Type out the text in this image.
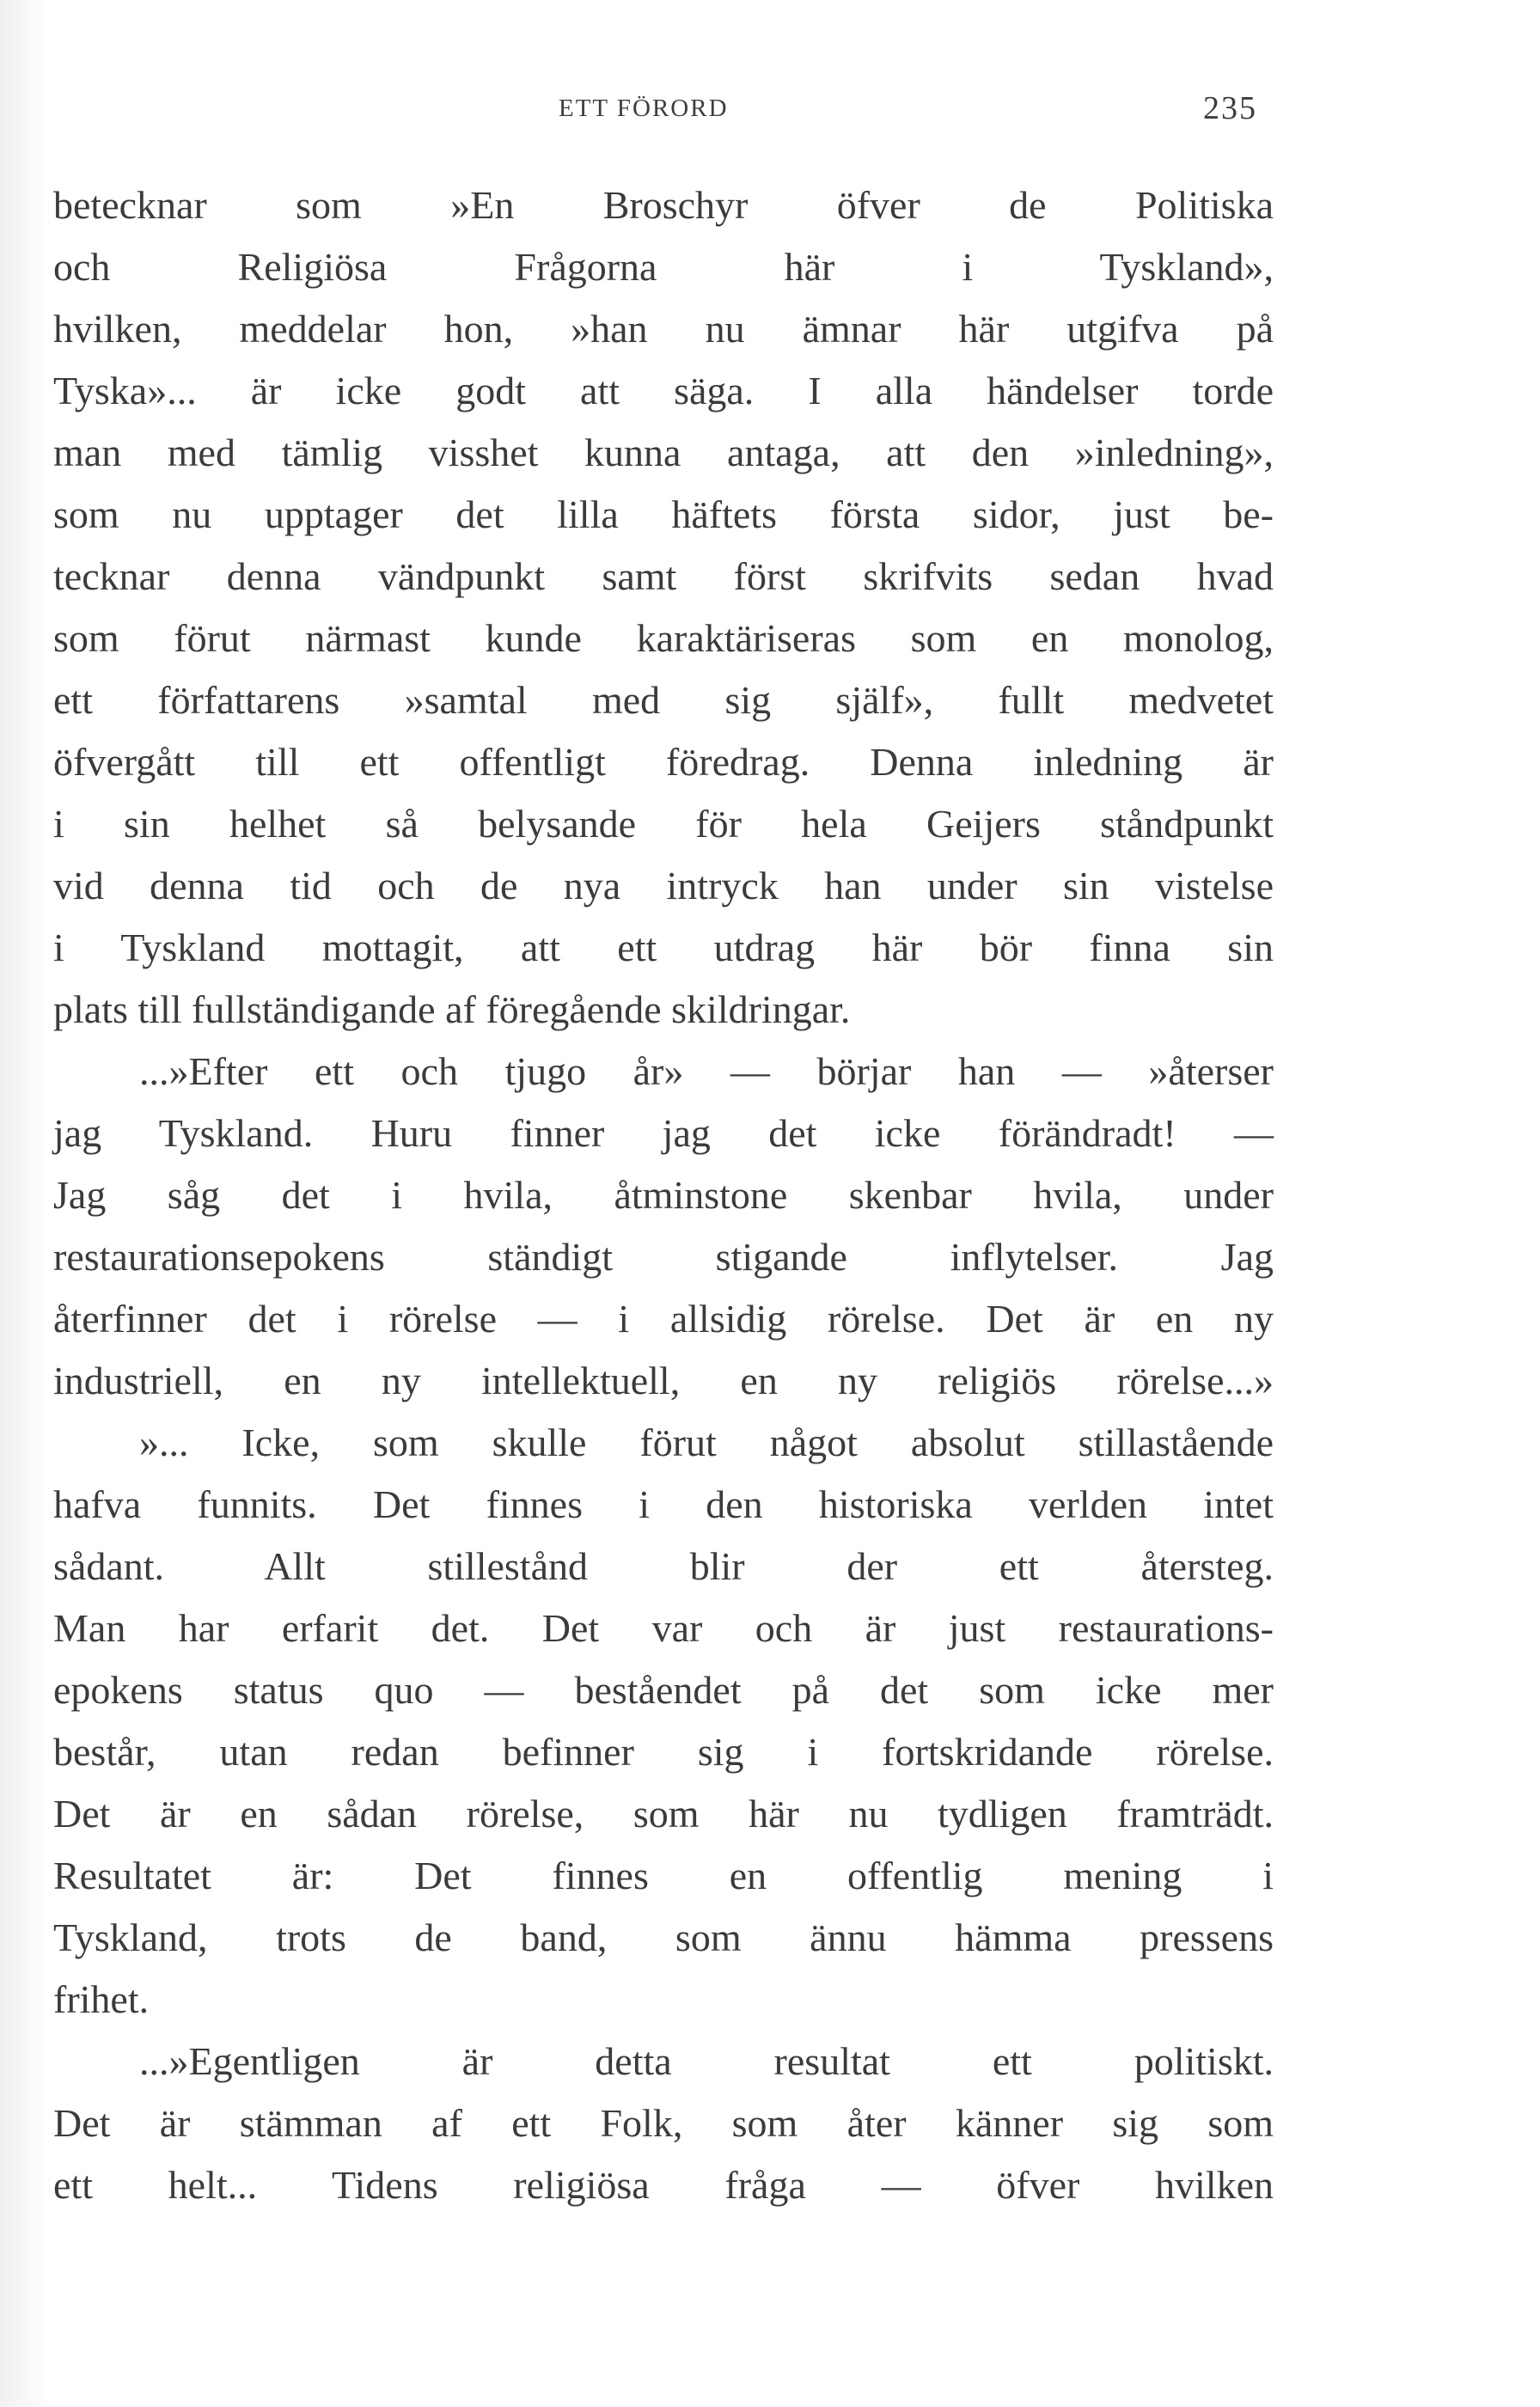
ETT FÖRORD	235
betecknar som »En Broschyr öfver de Politiska
och Religiösa Frågorna här i Tyskland»,
hvilken, meddelar hon, »han nu ämnar här utgifva på
Tyska»... är icke godt att säga. I alla händelser torde
man med tämlig visshet kunna antaga, att den »inledning»,
som nu upptager det lilla häftets första sidor, just be-
tecknar denna vändpunkt samt först skrifvits sedan hvad
som förut närmast kunde karaktäriseras som en monolog,
ett författarens »samtal med sig själf», fullt medvetet
öfvergått till ett offentligt föredrag. Denna inledning är
i sin helhet så belysande för hela Geijers ståndpunkt
vid denna tid och de nya intryck han under sin vistelse
i Tyskland mottagit, att ett utdrag här bör finna sin
plats till fullständigande af föregående skildringar.
...»Efter ett och tjugo år» — börjar han — »återser
jag Tyskland. Huru finner jag det icke förändradt! —
Jag såg det i hvila, åtminstone skenbar hvila, under
restaurationsepokens ständigt stigande inflytelser. Jag
återfinner det i rörelse — i allsidig rörelse. Det är en ny
industriell, en ny intellektuell, en ny religiös rörelse...»
»... Icke, som skulle förut något absolut stillastående
hafva funnits. Det finnes i den historiska verlden intet
sådant. Allt stillestånd blir der ett återsteg.
Man har erfarit det. Det var och är just restaurations-
epokens status quo — beståendet på det som icke mer
består, utan redan befinner sig i fortskridande rörelse.
Det är en sådan rörelse, som här nu tydligen framträdt.
Resultatet är: Det finnes en offentlig mening i
Tyskland, trots de band, som ännu hämma pressens
frihet.
...»Egentligen är detta resultat ett politiskt.
Det är stämman af ett Folk, som åter känner sig som
ett helt... Tidens religiösa fråga — öfver hvilken
